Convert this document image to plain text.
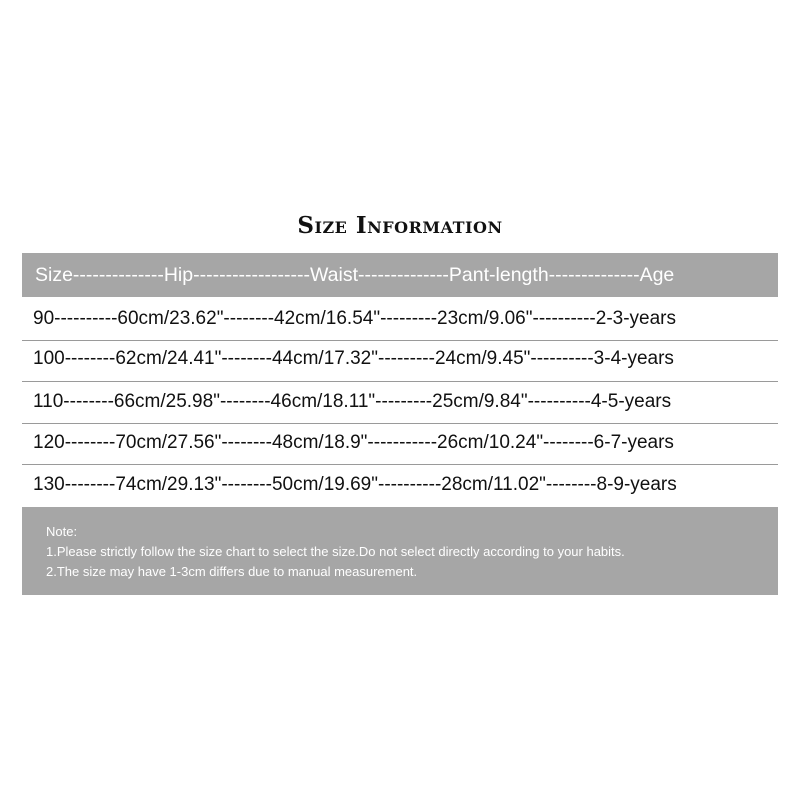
Size Information
Size--------------Hip------------------Waist--------------Pant-length--------------Age
90----------60cm/23.62"--------42cm/16.54"---------23cm/9.06"----------2-3-years
100--------62cm/24.41"--------44cm/17.32"---------24cm/9.45"----------3-4-years
110--------66cm/25.98"--------46cm/18.11"---------25cm/9.84"----------4-5-years
120--------70cm/27.56"--------48cm/18.9"-----------26cm/10.24"--------6-7-years
130--------74cm/29.13"--------50cm/19.69"----------28cm/11.02"--------8-9-years
Note:
1.Please strictly follow the size chart to select the size.Do not select directly according to your habits.
2.The size may have 1-3cm differs due to manual measurement.
